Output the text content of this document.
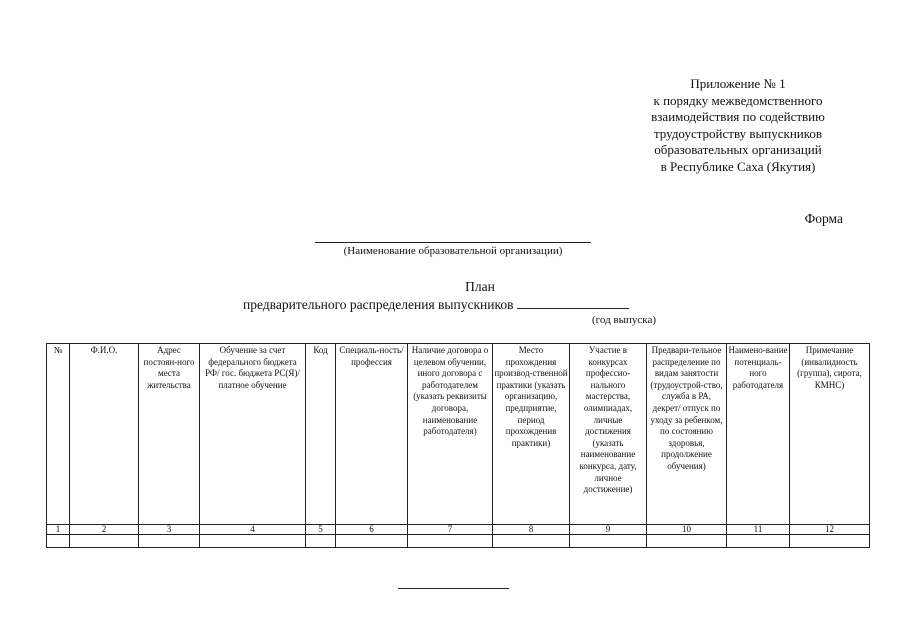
Приложение № 1
к порядку межведомственного
взаимодействия по содействию
трудоустройству выпускников
образовательных организаций
в Республике Саха (Якутия)
Форма
(Наименование образовательной организации)
План
предварительного распределения выпускников
(год выпуска)
№	Ф.И.О.	Адрес постоян-ного места жительства	Обучение за счет федерального бюджета РФ/ гос. бюджета РС(Я)/ платное обучение	Код	Специаль-ность/ профессия	Наличие договора о целевом обучении, иного договора с работодателем (указать реквизиты договора, наименование работодателя)	Место прохождения производ-ственной практики (указать организацию, предприятие, период прохождения практики)	Участие в конкурсах профессио-нального мастерства, олимпиадах, личные достижения (указать наименование конкурса, дату, личное достижение)	Предвари-тельное распределение по видам занятости (трудоустрой-ство, служба в РА, декрет/ отпуск по уходу за ребенком, по состоянию здоровья, продолжение обучения)	Наимено-вание потенциаль-ного работодателя	Примечание (инвалидность (группа), сирота, КМНС)
1	2	3	4	5	6	7	8	9	10	11	12
